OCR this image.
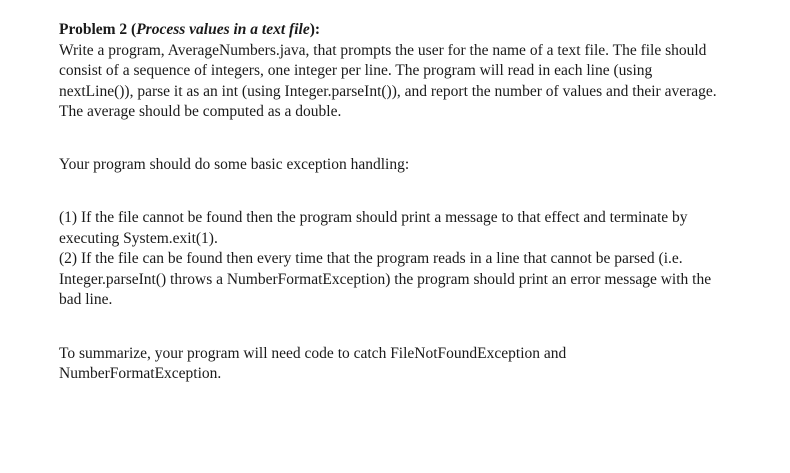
Problem 2 (Process values in a text file):
Write a program, AverageNumbers.java, that prompts the user for the name of a text file. The file should
consist of a sequence of integers, one integer per line. The program will read in each line (using
nextLine()), parse it as an int (using Integer.parseInt()), and report the number of values and their average.
The average should be computed as a double.
Your program should do some basic exception handling:
(1) If the file cannot be found then the program should print a message to that effect and terminate by
executing System.exit(1).
(2) If the file can be found then every time that the program reads in a line that cannot be parsed (i.e.
Integer.parseInt() throws a NumberFormatException) the program should print an error message with the
bad line.
To summarize, your program will need code to catch FileNotFoundException and
NumberFormatException.
